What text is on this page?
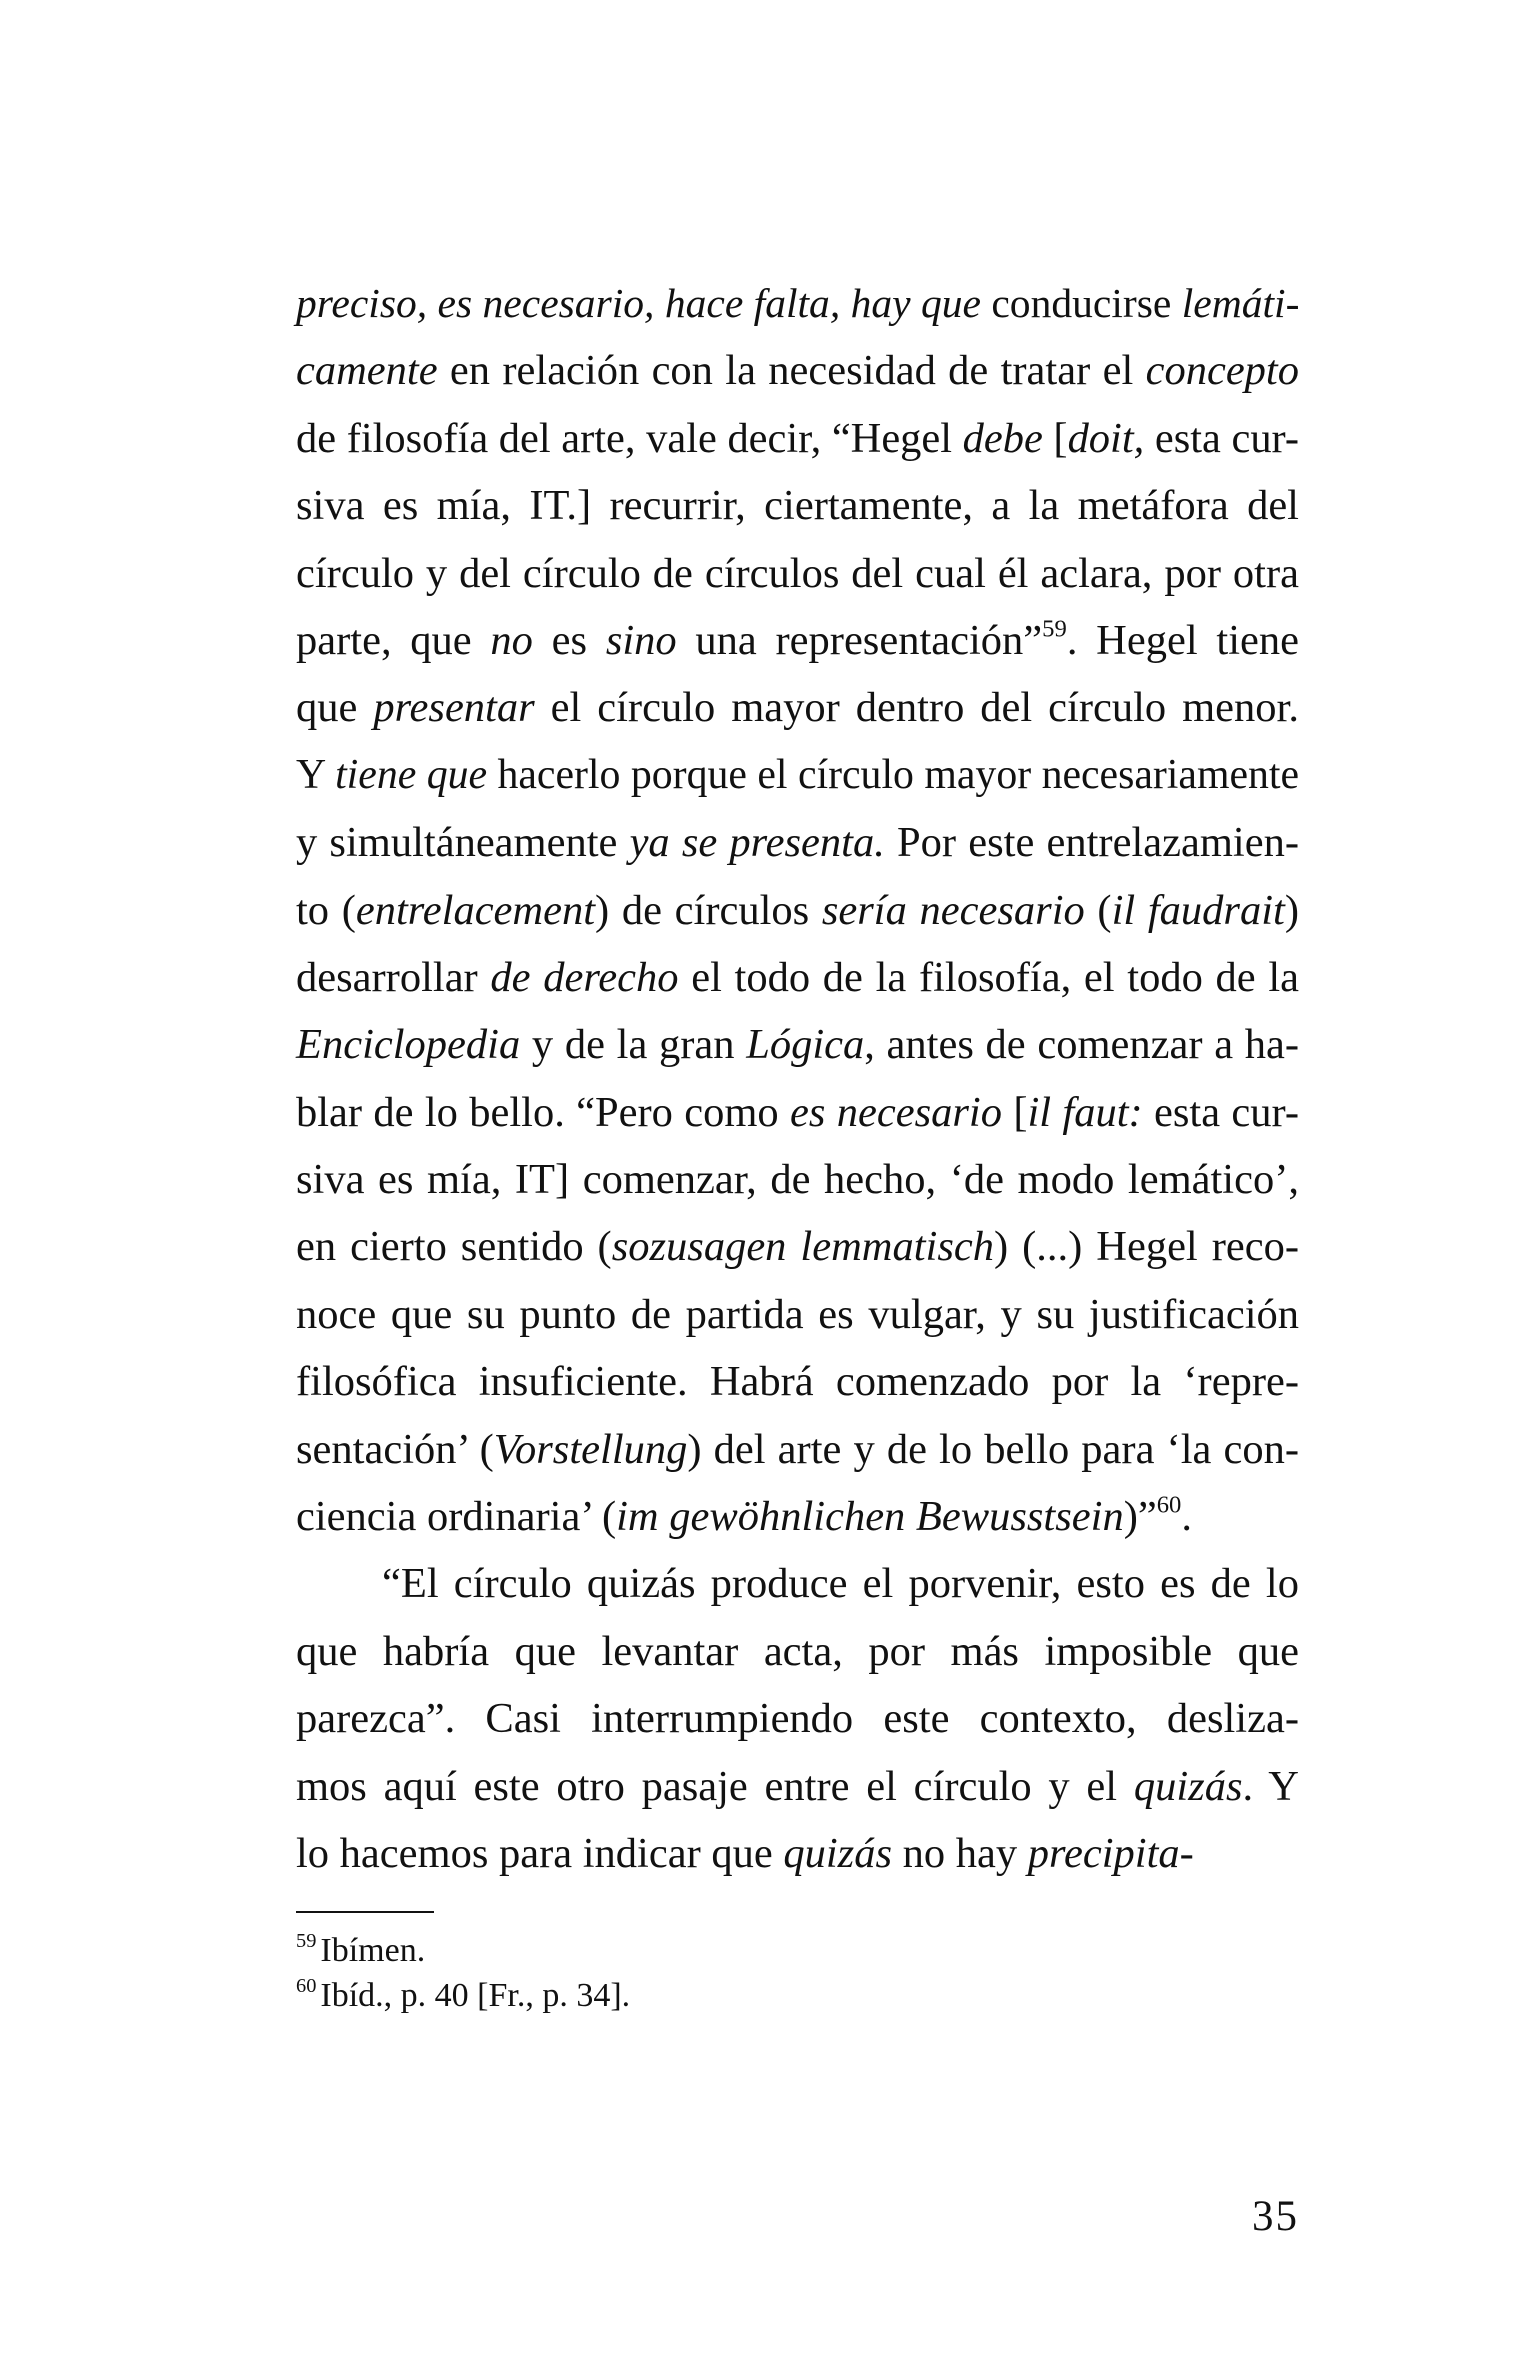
preciso, es necesario, hace falta, hay que conducirse lemáti-
camente en relación con la necesidad de tratar el concepto
de filosofía del arte, vale decir, “Hegel debe [doit, esta cur-
siva es mía, IT.] recurrir, ciertamente, a la metáfora del
círculo y del círculo de círculos del cual él aclara, por otra
parte, que no es sino una representación”$^{59}$. Hegel tiene
que presentar el círculo mayor dentro del círculo menor.
Y tiene que hacerlo porque el círculo mayor necesariamente
y simultáneamente ya se presenta. Por este entrelazamien-
to (entrelacement) de círculos sería necesario (il faudrait)
desarrollar de derecho el todo de la filosofía, el todo de la
Enciclopedia y de la gran Lógica, antes de comenzar a ha-
blar de lo bello. “Pero como es necesario [il faut: esta cur-
siva es mía, IT] comenzar, de hecho, ‘de modo lemático’,
en cierto sentido (sozusagen lemmatisch) (...) Hegel reco-
noce que su punto de partida es vulgar, y su justificación
filosófica insuficiente. Habrá comenzado por la ‘repre-
sentación’ (Vorstellung) del arte y de lo bello para ‘la con-
ciencia ordinaria’ (im gewöhnlichen Bewusstsein)”$^{60}$.
“El círculo quizás produce el porvenir, esto es de lo
que habría que levantar acta, por más imposible que
parezca”. Casi interrumpiendo este contexto, desliza-
mos aquí este otro pasaje entre el círculo y el quizás. Y
lo hacemos para indicar que quizás no hay precipita-
$^{59}$ Ibímen.
$^{60}$ Ibíd., p. 40 [Fr., p. 34].
35
